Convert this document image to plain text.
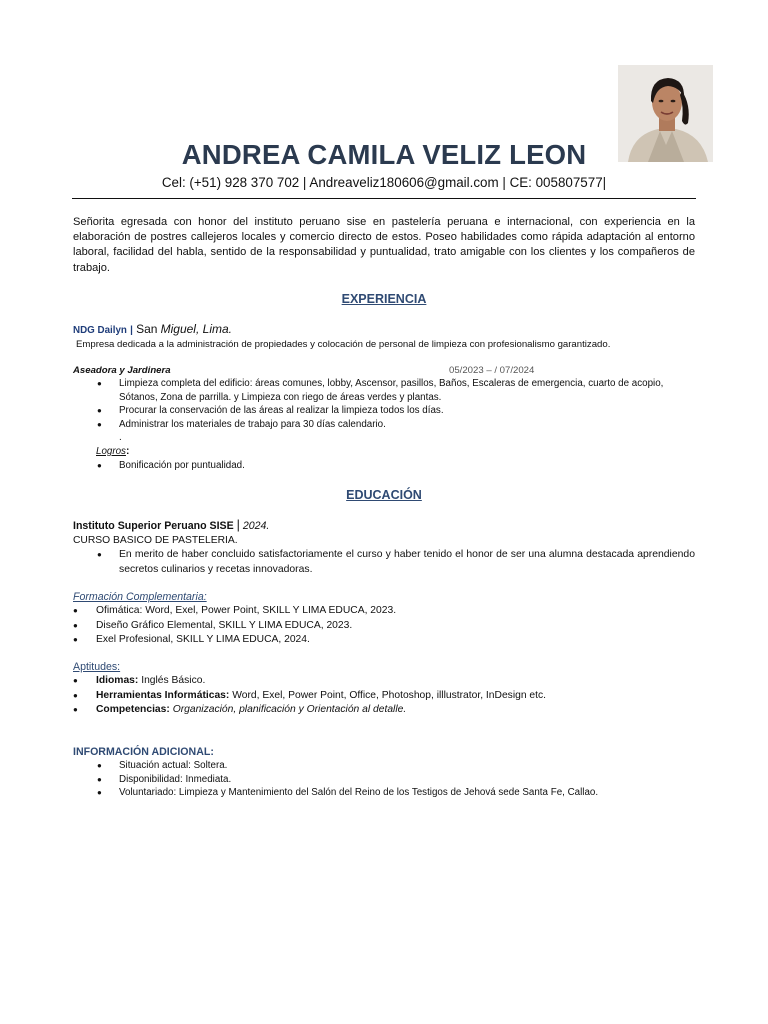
ANDREA CAMILA VELIZ LEON
Cel: (+51) 928 370 702 | Andreaveliz180606@gmail.com | CE: 005807577|
Señorita egresada con honor del instituto peruano sise en pastelería peruana e internacional, con experiencia en la elaboración de postres callejeros locales y comercio directo de estos. Poseo habilidades como rápida adaptación al entorno laboral, facilidad del habla, sentido de la responsabilidad y puntualidad, trato amigable con los clientes y los compañeros de trabajo.
EXPERIENCIA
NDG Dailyn | San Miguel, Lima.
Empresa dedicada a la administración de propiedades y colocación de personal de limpieza con profesionalismo garantizado.
Aseadora y Jardinera	05/2023 – / 07/2024
● Limpieza completa del edificio: áreas comunes, lobby, Ascensor, pasillos, Baños, Escaleras de emergencia, cuarto de acopio, Sótanos, Zona de parrilla. y Limpieza con riego de áreas verdes y plantas.
● Procurar la conservación de las áreas al realizar la limpieza todos los días.
● Administrar los materiales de trabajo para 30 días calendario.
.
Logros:
● Bonificación por puntualidad.
EDUCACIÓN
Instituto Superior Peruano SISE | 2024.
CURSO BASICO DE PASTELERIA.
● En merito de haber concluido satisfactoriamente el curso y haber tenido el honor de ser una alumna destacada aprendiendo secretos culinarios y recetas innovadoras.
Formación Complementaria:
● Ofimática: Word, Exel, Power Point, SKILL Y LIMA EDUCA, 2023.
● Diseño Gráfico Elemental, SKILL Y LIMA EDUCA, 2023.
● Exel Profesional, SKILL Y LIMA EDUCA, 2024.
Aptitudes:
● Idiomas: Inglés Básico.
● Herramientas Informáticas: Word, Exel, Power Point, Office, Photoshop, illlustrator, InDesign etc.
● Competencias: Organización, planificación y Orientación al detalle.
INFORMACIÓN ADICIONAL:
● Situación actual: Soltera.
● Disponibilidad: Inmediata.
● Voluntariado: Limpieza y Mantenimiento del Salón del Reino de los Testigos de Jehová sede Santa Fe, Callao.
